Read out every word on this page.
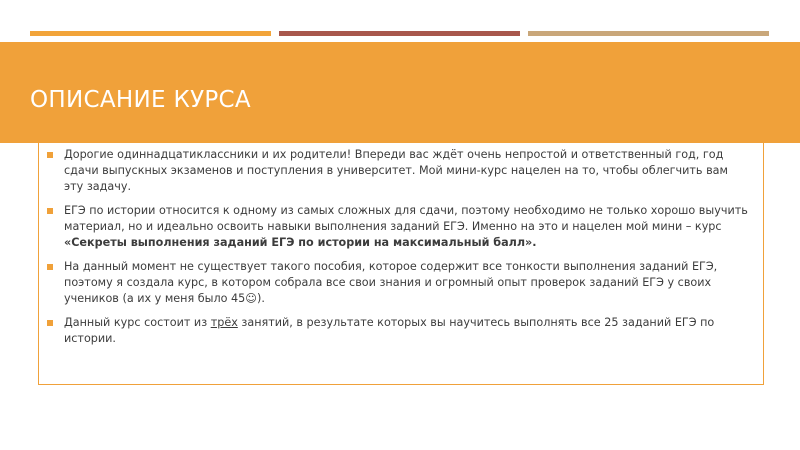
ОПИСАНИЕ КУРСА
Дорогие одиннадцатиклассники и их родители! Впереди вас ждёт очень непростой и ответственный год, год сдачи выпускных экзаменов и поступления в университет. Мой мини-курс нацелен на то, чтобы облегчить вам эту задачу.
ЕГЭ по истории относится к одному из самых сложных для сдачи, поэтому необходимо не только хорошо выучить материал, но и идеально освоить навыки выполнения заданий ЕГЭ. Именно на это и нацелен мой мини – курс «Секреты выполнения заданий ЕГЭ по истории на максимальный балл».
На данный момент не существует такого пособия, которое содержит все тонкости выполнения заданий ЕГЭ, поэтому я создала курс, в котором собрала все свои знания и огромный опыт проверок заданий ЕГЭ у своих учеников (а их у меня было 45☺).
Данный курс состоит из трёх занятий, в результате которых вы научитесь выполнять все 25 заданий ЕГЭ по истории.
